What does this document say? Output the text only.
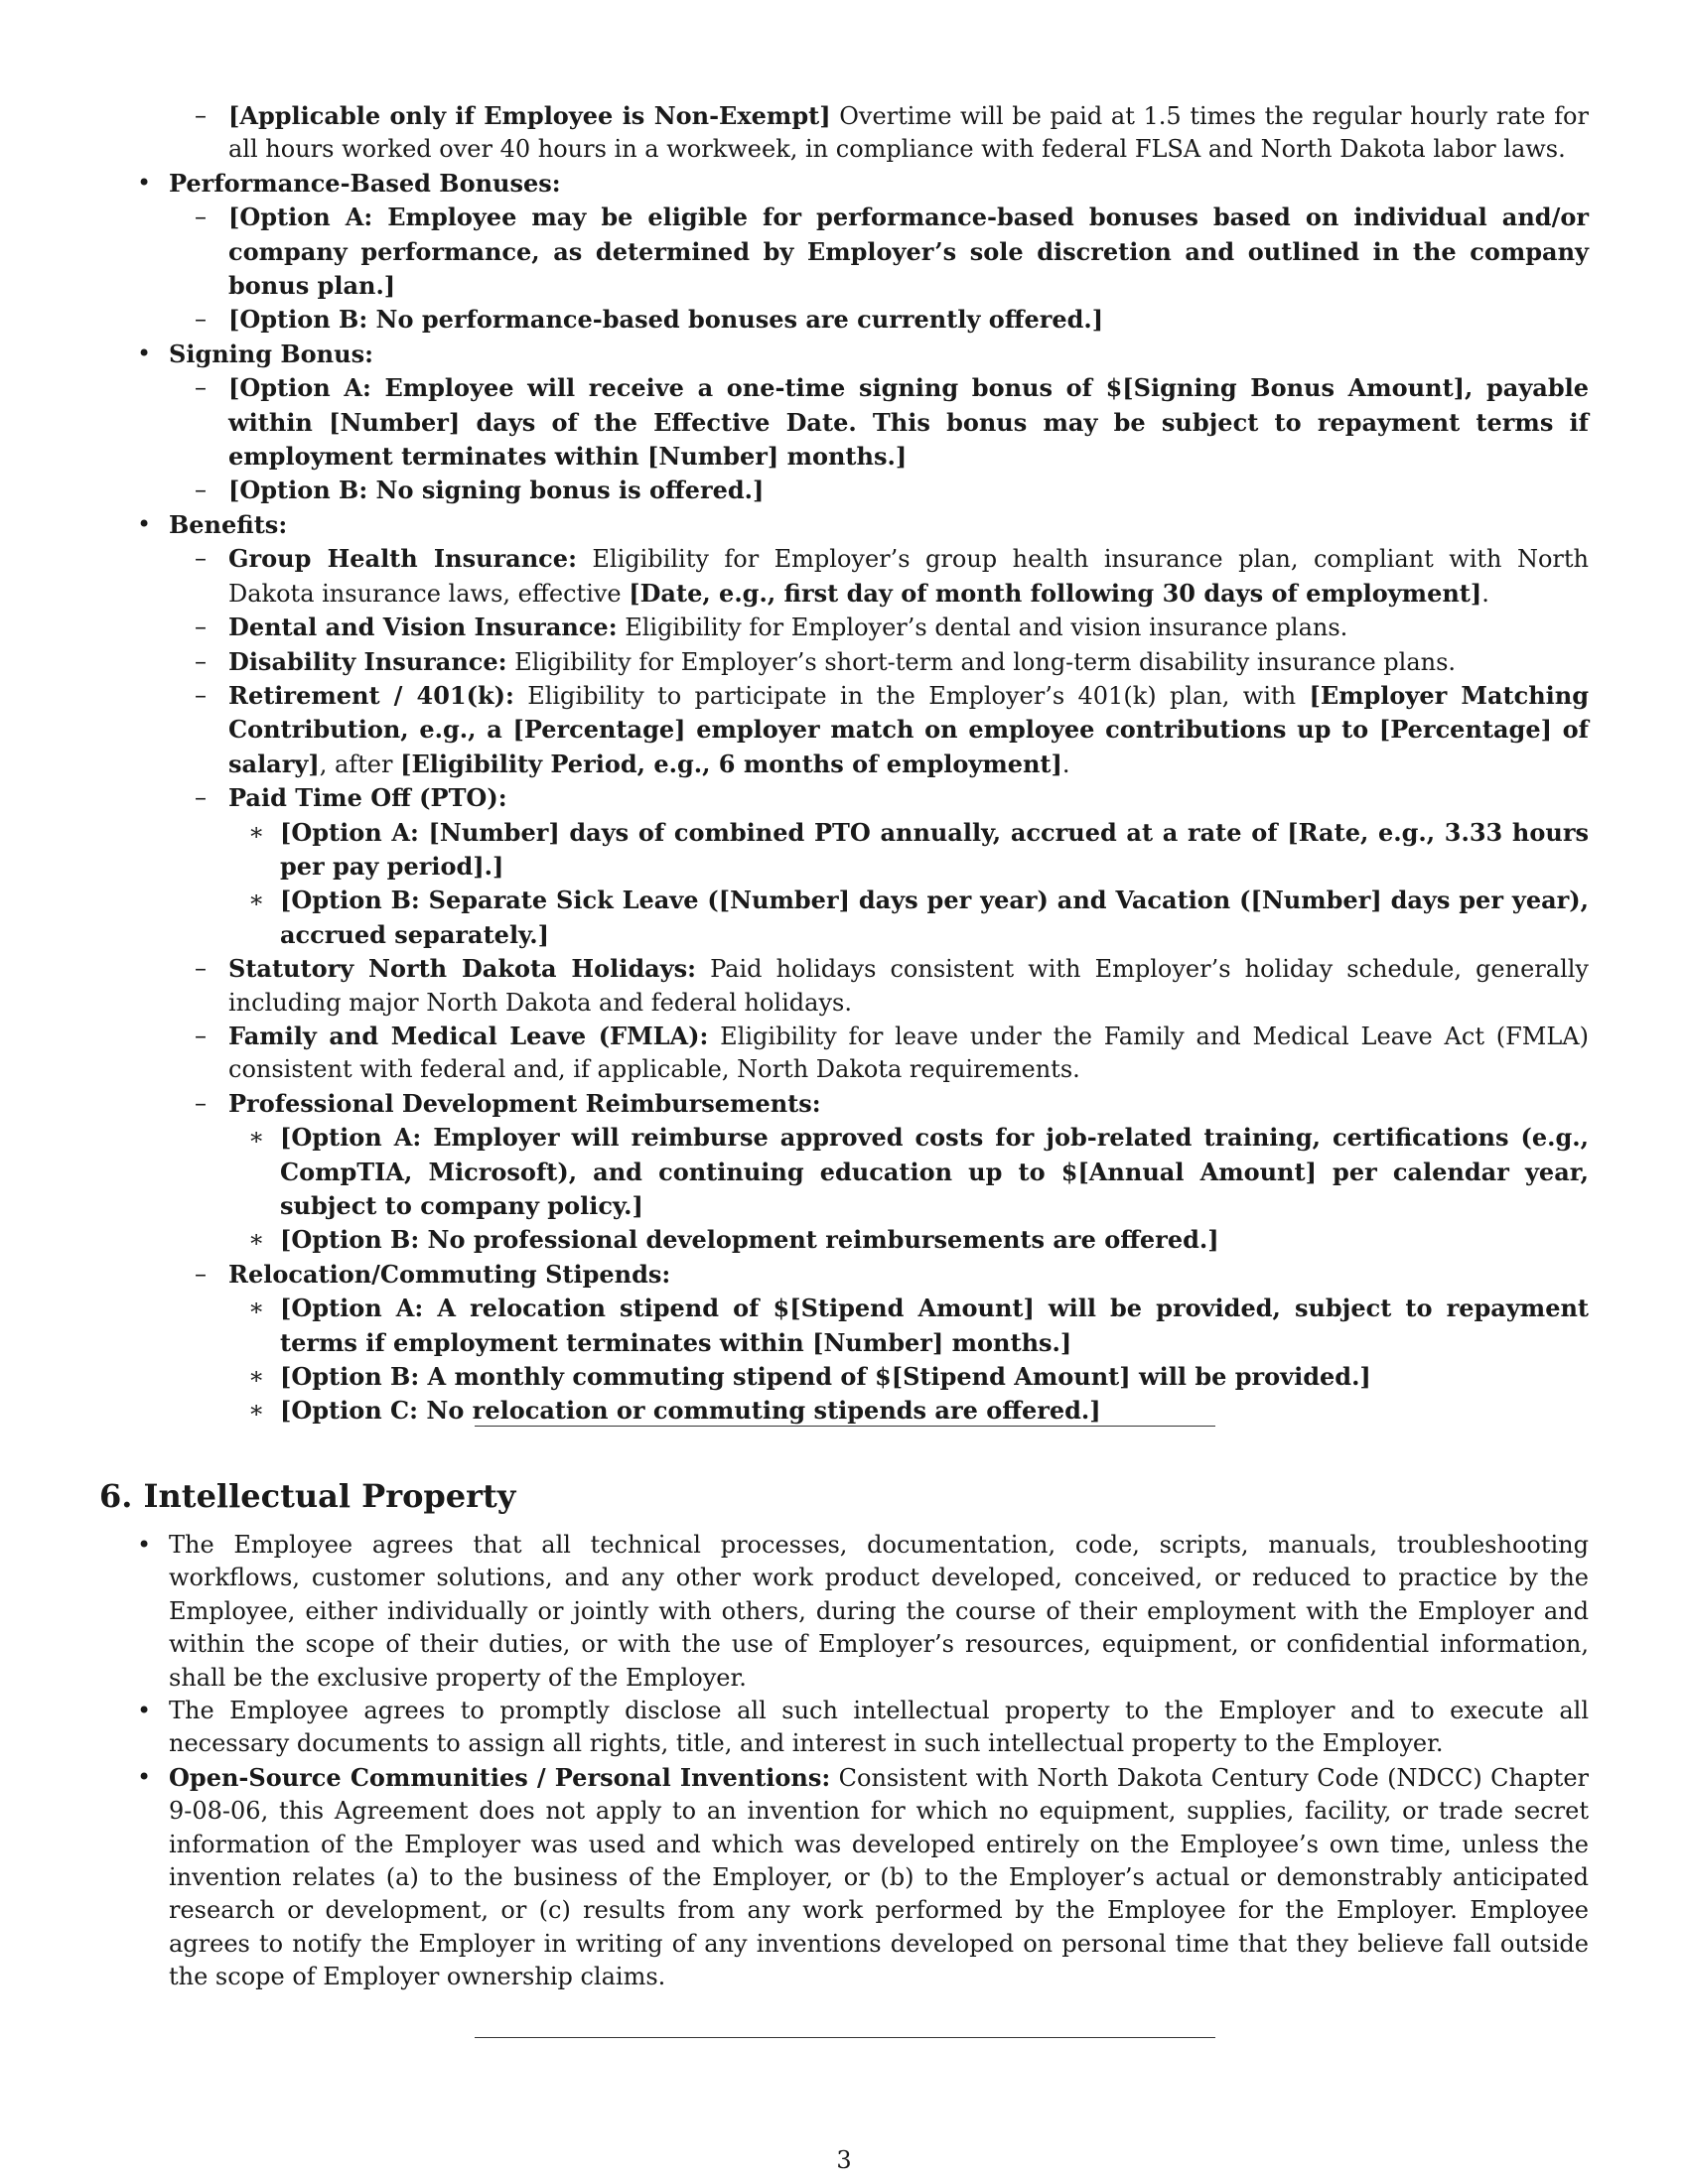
– [Applicable only if Employee is Non-Exempt] Overtime will be paid at 1.5 times the regular hourly rate for all hours worked over 40 hours in a workweek, in compliance with federal FLSA and North Dakota labor laws.
• Performance-Based Bonuses:
– [Option A: Employee may be eligible for performance-based bonuses based on individual and/or company performance, as determined by Employer’s sole discretion and outlined in the company bonus plan.]
– [Option B: No performance-based bonuses are currently offered.]
• Signing Bonus:
– [Option A: Employee will receive a one-time signing bonus of $[Signing Bonus Amount], payable within [Number] days of the Effective Date. This bonus may be subject to repayment terms if employment terminates within [Number] months.]
– [Option B: No signing bonus is offered.]
• Benefits:
– Group Health Insurance: Eligibility for Employer’s group health insurance plan, compliant with North Dakota insurance laws, effective [Date, e.g., first day of month following 30 days of employment].
– Dental and Vision Insurance: Eligibility for Employer’s dental and vision insurance plans.
– Disability Insurance: Eligibility for Employer’s short-term and long-term disability insurance plans.
– Retirement / 401(k): Eligibility to participate in the Employer’s 401(k) plan, with [Employer Matching Contribution, e.g., a [Percentage] employer match on employee contributions up to [Percentage] of salary], after [Eligibility Period, e.g., 6 months of employment].
– Paid Time Off (PTO):
∗ [Option A: [Number] days of combined PTO annually, accrued at a rate of [Rate, e.g., 3.33 hours per pay period].]
∗ [Option B: Separate Sick Leave ([Number] days per year) and Vacation ([Number] days per year), accrued separately.]
– Statutory North Dakota Holidays: Paid holidays consistent with Employer’s holiday schedule, generally including major North Dakota and federal holidays.
– Family and Medical Leave (FMLA): Eligibility for leave under the Family and Medical Leave Act (FMLA) consistent with federal and, if applicable, North Dakota requirements.
– Professional Development Reimbursements:
∗ [Option A: Employer will reimburse approved costs for job-related training, certifications (e.g., CompTIA, Microsoft), and continuing education up to $[Annual Amount] per calendar year, subject to company policy.]
∗ [Option B: No professional development reimbursements are offered.]
– Relocation/Commuting Stipends:
∗ [Option A: A relocation stipend of $[Stipend Amount] will be provided, subject to repayment terms if employment terminates within [Number] months.]
∗ [Option B: A monthly commuting stipend of $[Stipend Amount] will be provided.]
∗ [Option C: No relocation or commuting stipends are offered.]
6. Intellectual Property
• The Employee agrees that all technical processes, documentation, code, scripts, manuals, troubleshooting workflows, customer solutions, and any other work product developed, conceived, or reduced to practice by the Employee, either individually or jointly with others, during the course of their employment with the Employer and within the scope of their duties, or with the use of Employer’s resources, equipment, or confidential information, shall be the exclusive property of the Employer.
• The Employee agrees to promptly disclose all such intellectual property to the Employer and to execute all necessary documents to assign all rights, title, and interest in such intellectual property to the Employer.
• Open-Source Communities / Personal Inventions: Consistent with North Dakota Century Code (NDCC) Chapter 9-08-06, this Agreement does not apply to an invention for which no equipment, supplies, facility, or trade secret information of the Employer was used and which was developed entirely on the Employee’s own time, unless the invention relates (a) to the business of the Employer, or (b) to the Employer’s actual or demonstrably anticipated research or development, or (c) results from any work performed by the Employee for the Employer. Employee agrees to notify the Employer in writing of any inventions developed on personal time that they believe fall outside the scope of Employer ownership claims.
3
